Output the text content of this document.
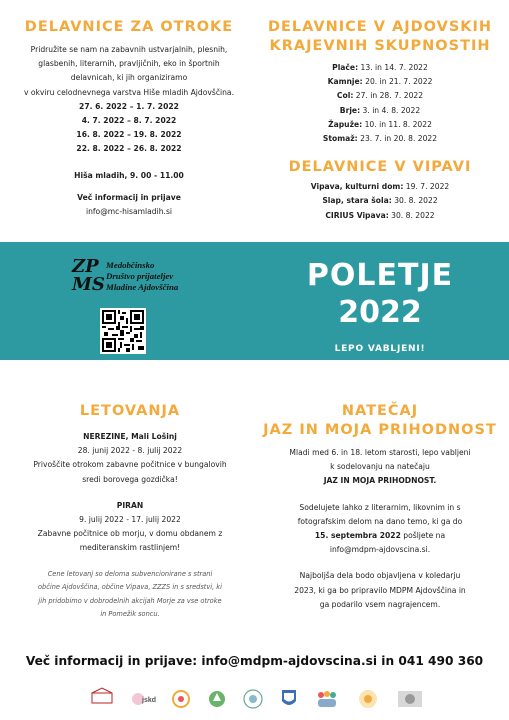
DELAVNICE ZA OTROKE
Pridružite se nam na zabavnih ustvarjalnih, plesnih,
glasbenih, literarnih, pravljičnih, eko in športnih
delavnicah, ki jih organiziramo
v okviru celodnevnega varstva Hiše mladih Ajdovščina.
27. 6. 2022 – 1. 7. 2022
4. 7. 2022 – 8. 7. 2022
16. 8. 2022 – 19. 8. 2022
22. 8. 2022 – 26. 8. 2022
Hiša mladih, 9. 00 - 11.00
Več informacij in prijave
info@mc-hisamladih.si
DELAVNICE V AJDOVSKIH
KRAJEVNIH SKUPNOSTIH
Plače: 13. in 14. 7. 2022
Kamnje: 20. in 21. 7. 2022
Col: 27. in 28. 7. 2022
Brje: 3. in 4. 8. 2022
Žapuže: 10. in 11. 8. 2022
Stomaž: 23. 7. in 20. 8. 2022
DELAVNICE V VIPAVI
Vipava, kulturni dom: 19. 7. 2022
Slap, stara šola: 30. 8. 2022
CIRIUS Vipava: 30. 8. 2022
ZP
MS
Medobčinsko
Društvo prijateljev
Mladine Ajdovščina	POLETJE
2022
LEPO VABLJENI!
LETOVANJA
NEREZINE, Mali Lošinj
28. junij 2022 - 8. julij 2022
Privoščite otrokom zabavne počitnice v bungalovih
sredi borovega gozdička!
PIRAN
9. julij 2022 - 17. julij 2022
Zabavne počitnice ob morju, v domu obdanem z
mediteranskim rastlinjem!
Cene letovanj so deloma subvencionirane s strani
občine Ajdovščina, občine Vipava, ZZZS in s sredstvi, ki
jih pridobimo v dobrodelnih akcijah Morje za vse otroke
in Pomežik soncu.
NATEČAJ
JAZ IN MOJA PRIHODNOST
Mladi med 6. in 18. letom starosti, lepo vabljeni
k sodelovanju na natečaju
JAZ IN MOJA PRIHODNOST.
Sodelujete lahko z literarnim, likovnim in s
fotografskim delom na dano temo, ki ga do
15. septembra 2022 pošljete na
info@mdpm-ajdovscina.si.
Najboljša dela bodo objavljena v koledarju
2023, ki ga bo pripravilo MDPM Ajdovščina in
ga podarilo vsem nagrajencem.
Več informacij in prijave: info@mdpm-ajdovscina.si in 041 490 360
jskd
